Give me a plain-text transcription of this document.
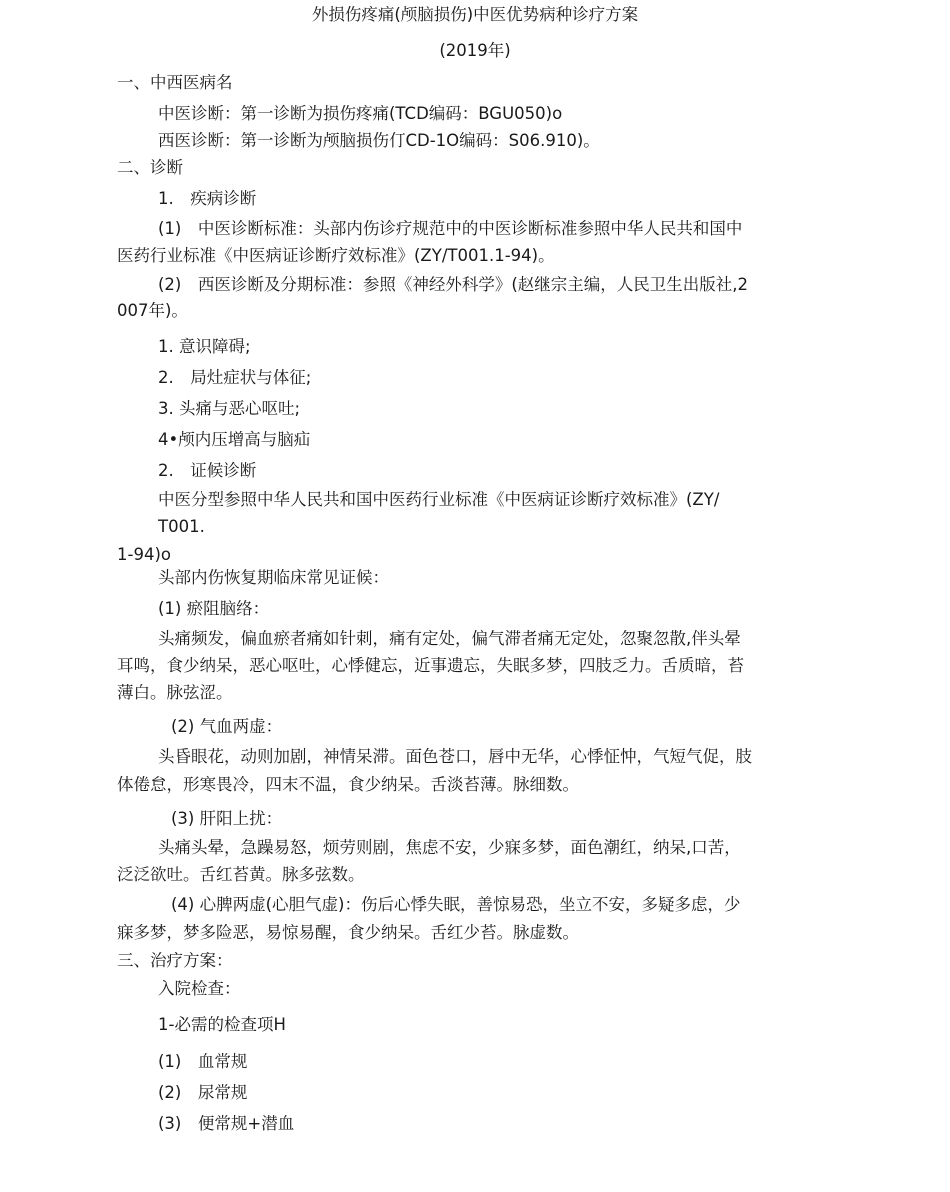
外损伤疼痛(颅脑损伤)中医优势病种诊疗方案
(2019年)
一、中西医病名
中医诊断：第一诊断为损伤疼痛(TCD编码：BGU050)o
西医诊断：第一诊断为颅脑损伤仃CD-1O编码：S06.910)。
二、诊断
1.　疾病诊断
(1)　中医诊断标准：头部内伤诊疗规范中的中医诊断标准参照中华人民共和国中
医药行业标准《中医病证诊断疗效标准》(ZY/T001.1-94)。
(2)　西医诊断及分期标准：参照《神经外科学》(赵继宗主编，人民卫生出版社,2
007年)。
1. 意识障碍;
2.　局灶症状与体征;
3. 头痛与恶心呕吐;
4•颅内压增高与脑疝
2.　证候诊断
中医分型参照中华人民共和国中医药行业标准《中医病证诊断疗效标准》(ZY/
T001.
1-94)o
头部内伤恢复期临床常见证候：
(1) 瘀阻脑络：
头痛频发，偏血瘀者痛如针刺，痛有定处，偏气滞者痛无定处，忽聚忽散,伴头晕
耳鸣，食少纳呆，恶心呕吐，心悸健忘，近事遗忘，失眠多梦，四肢乏力。舌质暗，苔
薄白。脉弦涩。
(2) 气血两虚：
头昏眼花，动则加剧，神情呆滞。面色苍口，唇中无华，心悸怔忡，气短气促，肢
体倦怠，形寒畏冷，四末不温，食少纳呆。舌淡苔薄。脉细数。
(3) 肝阳上扰：
头痛头晕，急躁易怒，烦劳则剧，焦虑不安，少寐多梦，面色潮红，纳呆,口苦，
泛泛欲吐。舌红苔黄。脉多弦数。
(4) 心脾两虚(心胆气虚)：伤后心悸失眠，善惊易恐，坐立不安，多疑多虑，少
寐多梦，梦多险恶，易惊易醒，食少纳呆。舌红少苔。脉虚数。
三、治疗方案：
入院检查：
1-必需的检查项H
(1)　血常规
(2)　尿常规
(3)　便常规+潜血
